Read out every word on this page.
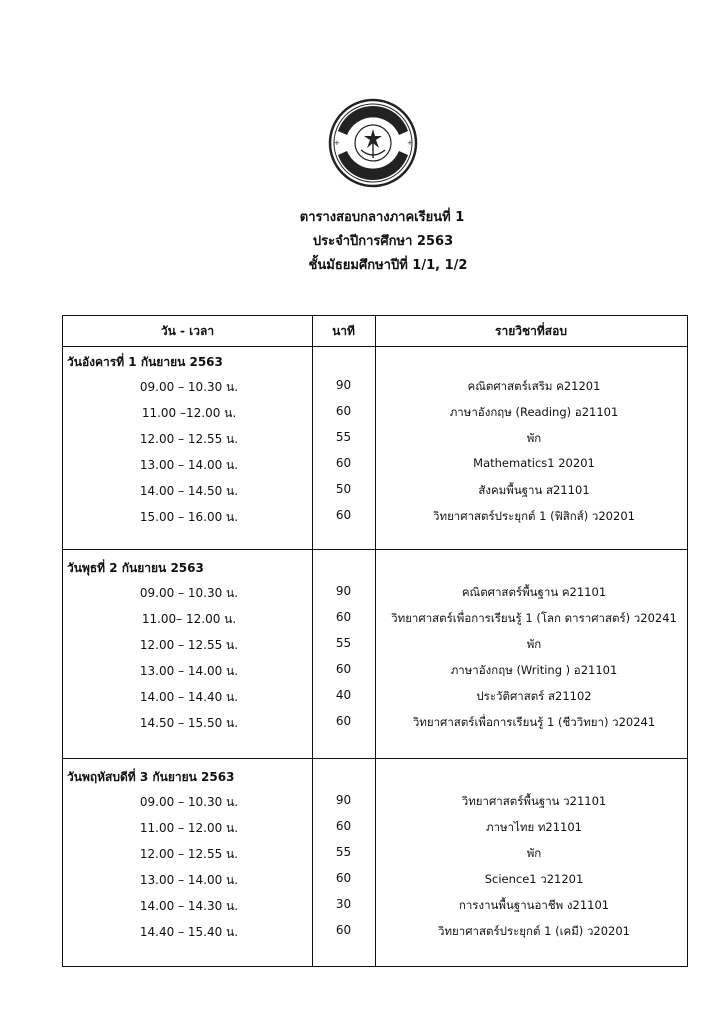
+	+
ตารางสอบกลางภาคเรียนที่ 1
ประจำปีการศึกษา 2563
ชั้นมัธยมศึกษาปีที่ 1/1, 1/2
วัน - เวลา	นาที	รายวิชาที่สอบ
วันอังคารที่ 1 กันยายน 2563
09.00 – 10.30 น.	90	คณิตศาสตร์เสริม ค21201
11.00 –12.00 น.	60	ภาษาอังกฤษ (Reading) อ21101
12.00 – 12.55 น.	55	พัก
13.00 – 14.00 น.	60	Mathematics1 20201
14.00 – 14.50 น.	50	สังคมพื้นฐาน ส21101
15.00 – 16.00 น.	60	วิทยาศาสตร์ประยุกต์ 1 (ฟิสิกส์) ว20201
วันพุธที่ 2 กันยายน 2563
09.00 – 10.30 น.	90	คณิตศาสตร์พื้นฐาน ค21101
11.00– 12.00 น.	60	วิทยาศาสตร์เพื่อการเรียนรู้ 1 (โลก ดาราศาสตร์) ว20241
12.00 – 12.55 น.	55	พัก
13.00 – 14.00 น.	60	ภาษาอังกฤษ (Writing ) อ21101
14.00 – 14.40 น.	40	ประวัติศาสตร์ ส21102
14.50 – 15.50 น.	60	วิทยาศาสตร์เพื่อการเรียนรู้ 1 (ชีววิทยา) ว20241
วันพฤหัสบดีที่ 3 กันยายน 2563
09.00 – 10.30 น.	90	วิทยาศาสตร์พื้นฐาน ว21101
11.00 – 12.00 น.	60	ภาษาไทย ท21101
12.00 – 12.55 น.	55	พัก
13.00 – 14.00 น.	60	Science1 ว21201
14.00 – 14.30 น.	30	การงานพื้นฐานอาชีพ ง21101
14.40 – 15.40 น.	60	วิทยาศาสตร์ประยุกต์ 1 (เคมี) ว20201
